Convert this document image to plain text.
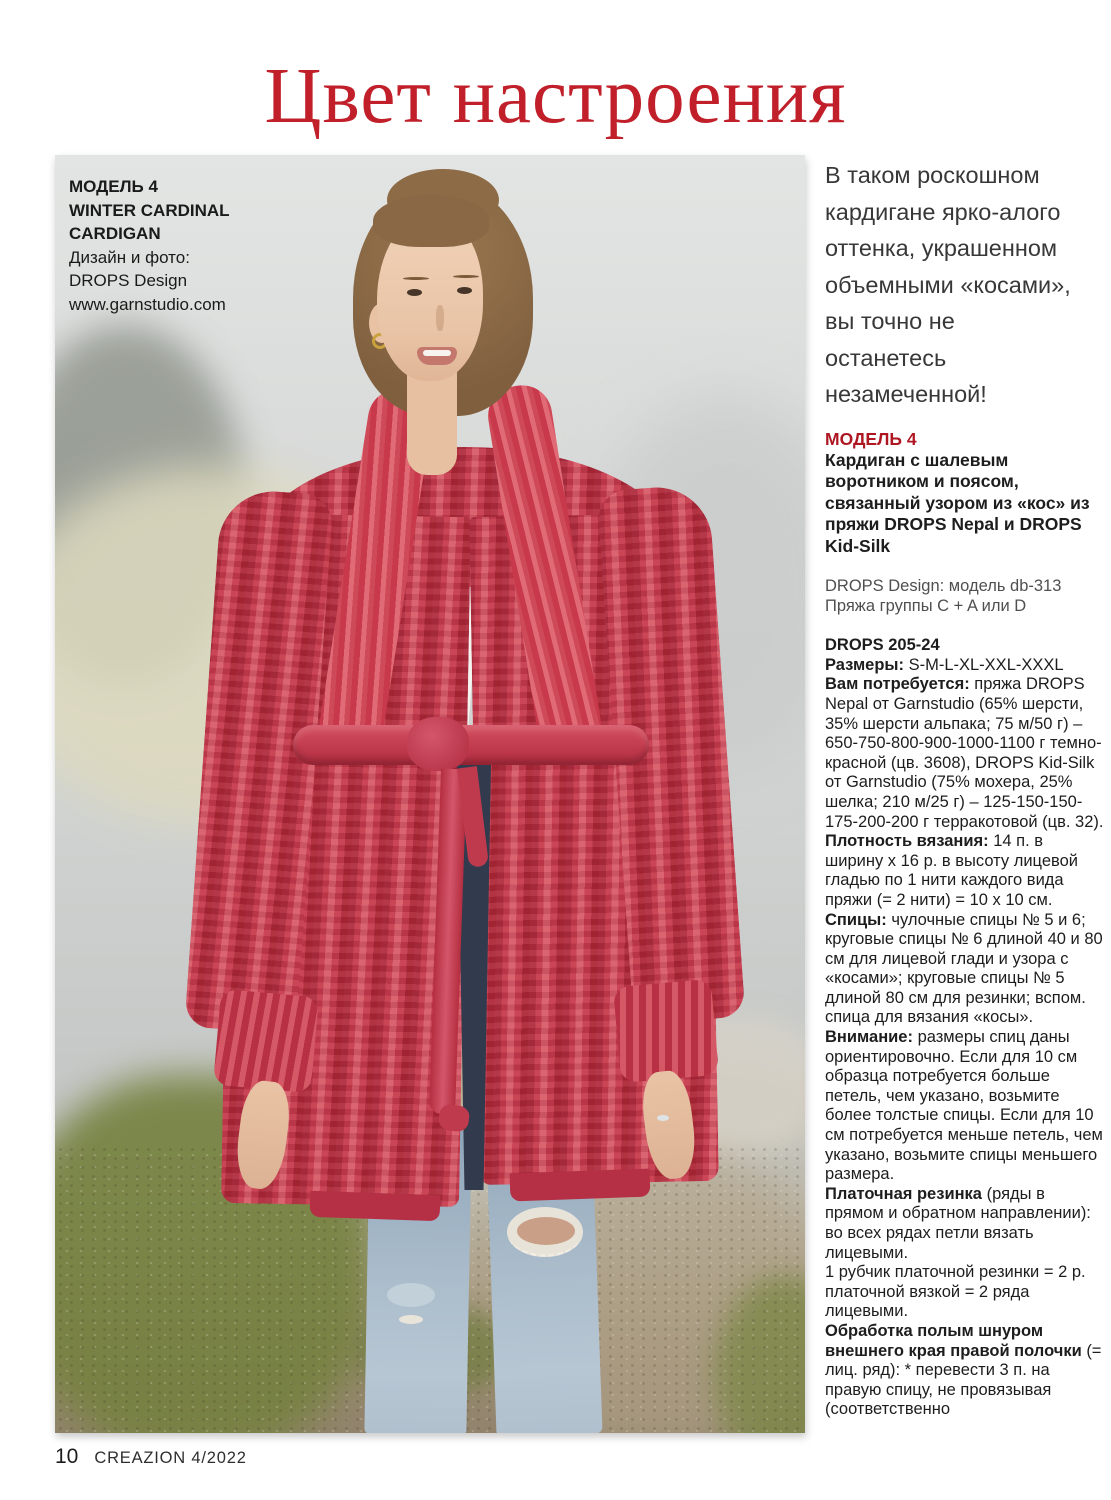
Цвет настроения
МОДЕЛЬ 4
WINTER CARDINAL
CARDIGAN
Дизайн и фото:
DROPS Design
www.garnstudio.com

В таком роскошном кардигане ярко-алого оттенка, украшенном объемными «косами», вы точно не останетесь незамеченной!

МОДЕЛЬ 4

Кардиган с шалевым воротником и поясом, связанный узором из «кос» из пряжи DROPS Nepal и DROPS Kid-Silk

DROPS Design: модель db-313

Пряжа группы C + A или D

DROPS 205-24

Размеры: S-M-L-XL-XXL-XXXL

Вам потребуется: пряжа DROPS Nepal от Garnstudio (65% шерсти, 35% шерсти альпака; 75 м/50 г) – 650-750-800-900-1000-1100 г темно-красной (цв. 3608), DROPS Kid-Silk от Garnstudio (75% мохера, 25% шелка; 210 м/25 г) – 125-150-150-175-200-200 г терракотовой (цв. 32).

Плотность вязания: 14 п. в ширину х 16 р. в высоту лицевой гладью по 1 нити каждого вида пряжи (= 2 нити) = 10 х 10 см.

Спицы: чулочные спицы № 5 и 6; круговые спицы № 6 длиной 40 и 80 см для лицевой глади и узора с «косами»; круговые спицы № 5 длиной 80 см для резинки; вспом. спица для вязания «косы».

Внимание: размеры спиц даны ориентировочно. Если для 10 см образца потребуется больше петель, чем указано, возьмите более толстые спицы. Если для 10 см потребуется меньше петель, чем указано, возьмите спицы меньшего размера.

Платочная резинка (ряды в прямом и обратном направлении): во всех рядах петли вязать лицевыми.

1 рубчик платочной резинки = 2 р. платочной вязкой = 2 ряда лицевыми.

Обработка полым шнуром внешнего края правой полочки (= лиц. ряд): * перевести 3 п. на правую спицу, не провязывая (соответственно

10 CREAZION 4/2022
